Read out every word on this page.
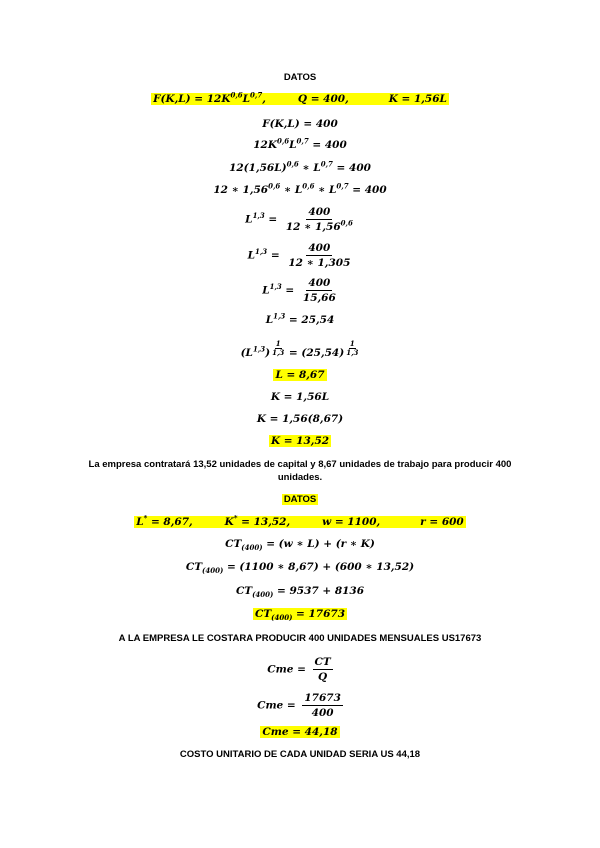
DATOS
$F(K,L) = 12K^{0,6}L^{0,7}$,	Q = 400,	K = 1,56L
F(K,L) = 400
$12K^{0,6}L^{0,7} = 400$
$12(1,56L)^{0,6}$ ∗ L$^{0,7}$ = 400
12 ∗ 1,56$^{0,6}$ ∗ L$^{0,6}$ ∗ L$^{0,7}$ = 400
$L^{1,3} = \frac{400}{12 ∗ 1,56^{0,6}}$
$L^{1,3} = \frac{400}{12 ∗ 1,305}$
$L^{1,3} = \frac{400}{15,66}$
L$^{1,3}$ = 25,54
$(L^{1,3}) \frac{1}{1,3} = (25,54) \frac{1}{1,3}$
L = 8,67
K = 1,56L
K = 1,56(8,67)
K = 13,52
La empresa contratará 13,52 unidades de capital y 8,67 unidades de trabajo para producir 400 unidades.
DATOS
L* = 8,67,	K* = 13,52,	w = 1100,	r = 600
$CT_{(400)} = (w$ ∗ L) + (r ∗ K)
$CT_{(400)} = (1100$ ∗ 8,67) + (600 ∗ 13,52)
$CT_{(400)} = 9537 + 8136$
$CT_{(400)} = 17673$
A LA EMPRESA LE COSTARA PRODUCIR 400 UNIDADES MENSUALES US17673
Cme = $\frac{CT}{Q}$
Cme = $\frac{17673}{400}$
Cme = 44,18
COSTO UNITARIO DE CADA UNIDAD SERIA US 44,18
